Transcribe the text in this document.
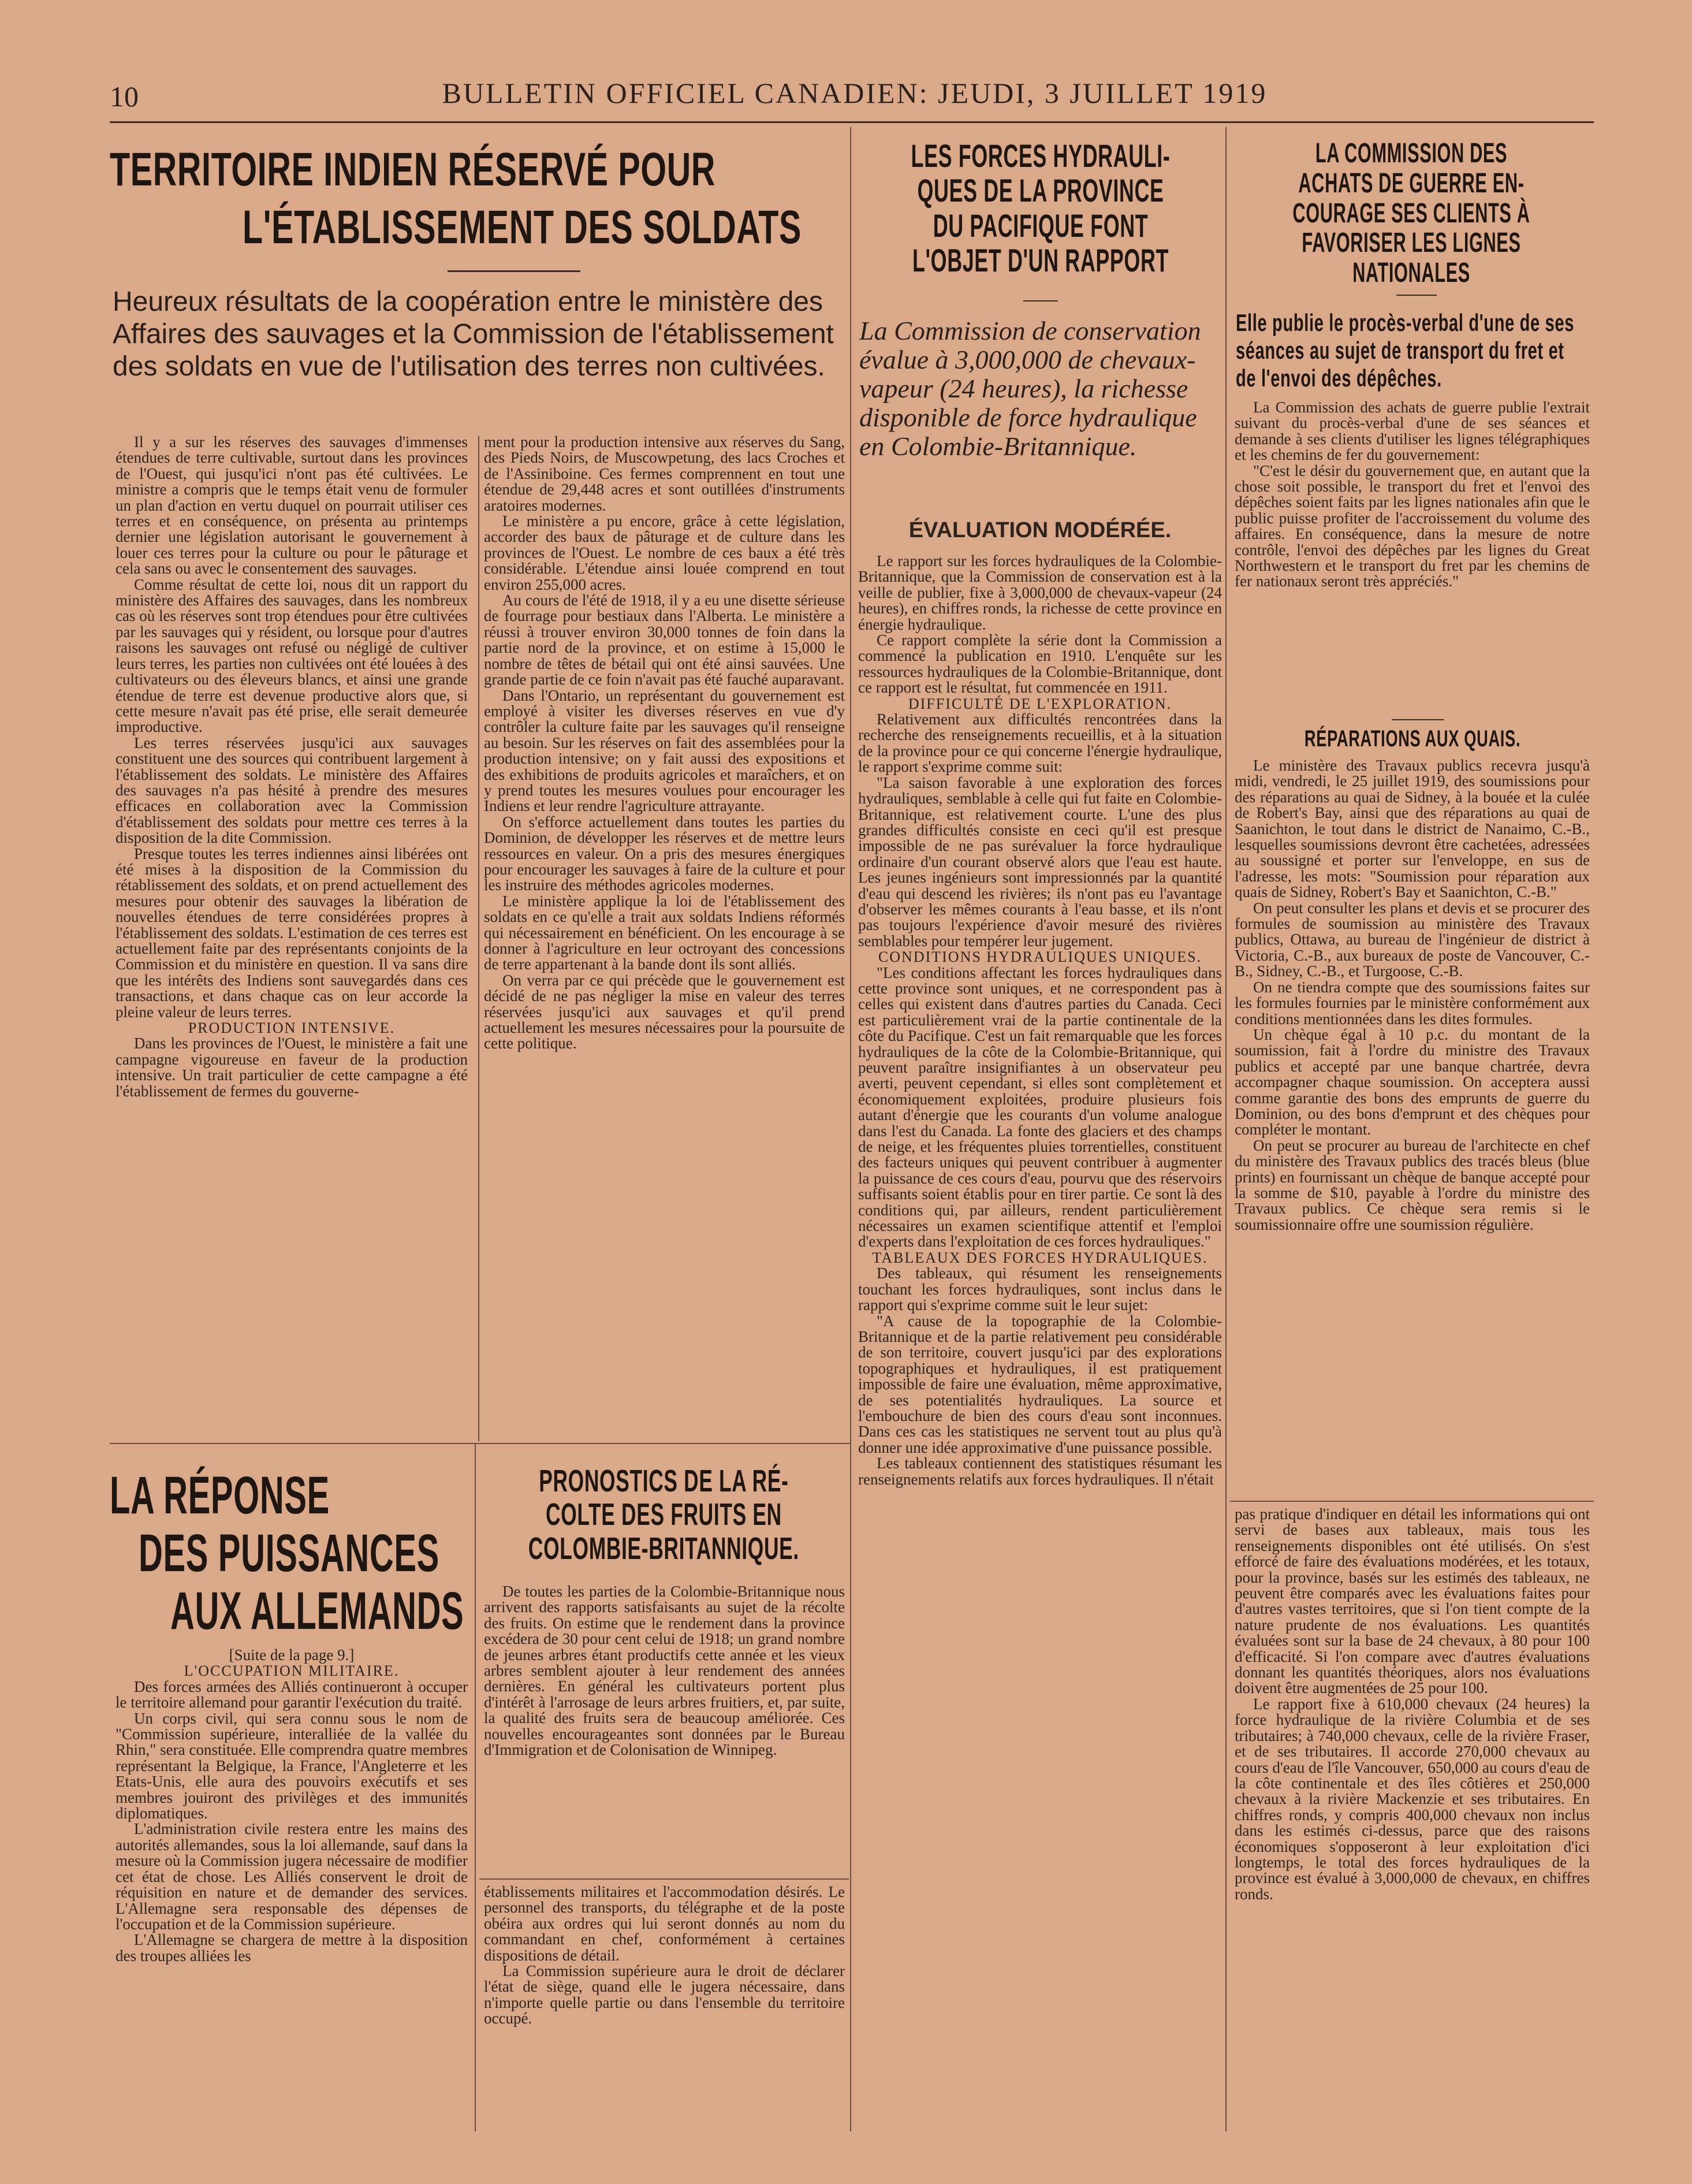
10	BULLETIN OFFICIEL CANADIEN: JEUDI, 3 JUILLET 1919
TERRITOIRE INDIEN RÉSERVÉ POUR
L'ÉTABLISSEMENT DES SOLDATS
Heureux résultats de la coopération entre le ministère des Affaires des sauvages et la Commission de l'établissement des soldats en vue de l'utilisation des terres non cultivées.

Il y a sur les réserves des sauvages d'immenses étendues de terre cultivable, surtout dans les provinces de l'Ouest, qui jusqu'ici n'ont pas été cultivées. Le ministre a compris que le temps était venu de formuler un plan d'action en vertu duquel on pourrait utiliser ces terres et en conséquence, on présenta au printemps dernier une législation autorisant le gouvernement à louer ces terres pour la culture ou pour le pâturage et cela sans ou avec le consentement des sauvages.

Comme résultat de cette loi, nous dit un rapport du ministère des Affaires des sauvages, dans les nombreux cas où les réserves sont trop étendues pour être cultivées par les sauvages qui y résident, ou lorsque pour d'autres raisons les sauvages ont refusé ou négligé de cultiver leurs terres, les parties non cultivées ont été louées à des cultivateurs ou des éleveurs blancs, et ainsi une grande étendue de terre est devenue productive alors que, si cette mesure n'avait pas été prise, elle serait demeurée improductive.

Les terres réservées jusqu'ici aux sauvages constituent une des sources qui contribuent largement à l'établissement des soldats. Le ministère des Affaires des sauvages n'a pas hésité à prendre des mesures efficaces en collaboration avec la Commission d'établissement des soldats pour mettre ces terres à la disposition de la dite Commission.

Presque toutes les terres indiennes ainsi libérées ont été mises à la disposition de la Commission du rétablissement des soldats, et on prend actuellement des mesures pour obtenir des sauvages la libération de nouvelles étendues de terre considérées propres à l'établissement des soldats. L'estimation de ces terres est actuellement faite par des représentants conjoints de la Commission et du ministère en question. Il va sans dire que les intérêts des Indiens sont sauvegardés dans ces transactions, et dans chaque cas on leur accorde la pleine valeur de leurs terres.

PRODUCTION INTENSIVE.

Dans les provinces de l'Ouest, le ministère a fait une campagne vigoureuse en faveur de la production intensive. Un trait particulier de cette campagne a été l'établissement de fermes du gouverne-

ment pour la production intensive aux réserves du Sang, des Pieds Noirs, de Muscowpetung, des lacs Croches et de l'Assiniboine. Ces fermes comprennent en tout une étendue de 29,448 acres et sont outillées d'instruments aratoires modernes.

Le ministère a pu encore, grâce à cette législation, accorder des baux de pâturage et de culture dans les provinces de l'Ouest. Le nombre de ces baux a été très considérable. L'étendue ainsi louée comprend en tout environ 255,000 acres.

Au cours de l'été de 1918, il y a eu une disette sérieuse de fourrage pour bestiaux dans l'Alberta. Le ministère a réussi à trouver environ 30,000 tonnes de foin dans la partie nord de la province, et on estime à 15,000 le nombre de têtes de bétail qui ont été ainsi sauvées. Une grande partie de ce foin n'avait pas été fauché auparavant.

Dans l'Ontario, un représentant du gouvernement est employé à visiter les diverses réserves en vue d'y contrôler la culture faite par les sauvages qu'il renseigne au besoin. Sur les réserves on fait des assemblées pour la production intensive; on y fait aussi des expositions et des exhibitions de produits agricoles et maraîchers, et on y prend toutes les mesures voulues pour encourager les Indiens et leur rendre l'agriculture attrayante.

On s'efforce actuellement dans toutes les parties du Dominion, de développer les réserves et de mettre leurs ressources en valeur. On a pris des mesures énergiques pour encourager les sauvages à faire de la culture et pour les instruire des méthodes agricoles modernes.

Le ministère applique la loi de l'établissement des soldats en ce qu'elle a trait aux soldats Indiens réformés qui nécessairement en bénéficient. On les encourage à se donner à l'agriculture en leur octroyant des concessions de terre appartenant à la bande dont ils sont alliés.

On verra par ce qui précède que le gouvernement est décidé de ne pas négliger la mise en valeur des terres réservées jusqu'ici aux sauvages et qu'il prend actuellement les mesures nécessaires pour la poursuite de cette politique.

LES FORCES HYDRAULI-
QUES DE LA PROVINCE
DU PACIFIQUE FONT
L'OBJET D'UN RAPPORT
La Commission de conservation évalue à 3,000,000 de chevaux-vapeur (24 heures), la richesse disponible de force hydraulique en Colombie-Britannique.

ÉVALUATION MODÉRÉE.

Le rapport sur les forces hydrauliques de la Colombie-Britannique, que la Commission de conservation est à la veille de publier, fixe à 3,000,000 de chevaux-vapeur (24 heures), en chiffres ronds, la richesse de cette province en énergie hydraulique.

Ce rapport complète la série dont la Commission a commencé la publication en 1910. L'enquête sur les ressources hydrauliques de la Colombie-Britannique, dont ce rapport est le résultat, fut commencée en 1911.

DIFFICULTÉ DE L'EXPLORATION.

Relativement aux difficultés rencontrées dans la recherche des renseignements recueillis, et à la situation de la province pour ce qui concerne l'énergie hydraulique, le rapport s'exprime comme suit:

"La saison favorable à une exploration des forces hydrauliques, semblable à celle qui fut faite en Colombie-Britannique, est relativement courte. L'une des plus grandes difficultés consiste en ceci qu'il est presque impossible de ne pas surévaluer la force hydraulique ordinaire d'un courant observé alors que l'eau est haute. Les jeunes ingénieurs sont impressionnés par la quantité d'eau qui descend les rivières; ils n'ont pas eu l'avantage d'observer les mêmes courants à l'eau basse, et ils n'ont pas toujours l'expérience d'avoir mesuré des rivières semblables pour tempérer leur jugement.

CONDITIONS HYDRAULIQUES UNIQUES.

"Les conditions affectant les forces hydrauliques dans cette province sont uniques, et ne correspondent pas à celles qui existent dans d'autres parties du Canada. Ceci est particulièrement vrai de la partie continentale de la côte du Pacifique. C'est un fait remarquable que les forces hydrauliques de la côte de la Colombie-Britannique, qui peuvent paraître insignifiantes à un observateur peu averti, peuvent cependant, si elles sont complètement et économiquement exploitées, produire plusieurs fois autant d'énergie que les courants d'un volume analogue dans l'est du Canada. La fonte des glaciers et des champs de neige, et les fréquentes pluies torrentielles, constituent des facteurs uniques qui peuvent contribuer à augmenter la puissance de ces cours d'eau, pourvu que des réservoirs suffisants soient établis pour en tirer partie. Ce sont là des conditions qui, par ailleurs, rendent particulièrement nécessaires un examen scientifique attentif et l'emploi d'experts dans l'exploitation de ces forces hydrauliques."

TABLEAUX DES FORCES HYDRAULIQUES.

Des tableaux, qui résument les renseignements touchant les forces hydrauliques, sont inclus dans le rapport qui s'exprime comme suit le leur sujet:

"A cause de la topographie de la Colombie-Britannique et de la partie relativement peu considérable de son territoire, couvert jusqu'ici par des explorations topographiques et hydrauliques, il est pratiquement impossible de faire une évaluation, même approximative, de ses potentialités hydrauliques. La source et l'embouchure de bien des cours d'eau sont inconnues. Dans ces cas les statistiques ne servent tout au plus qu'à donner une idée approximative d'une puissance possible.

Les tableaux contiennent des statistiques résumant les renseignements relatifs aux forces hydrauliques. Il n'était

pas pratique d'indiquer en détail les informations qui ont servi de bases aux tableaux, mais tous les renseignements disponibles ont été utilisés. On s'est efforcé de faire des évaluations modérées, et les totaux, pour la province, basés sur les estimés des tableaux, ne peuvent être comparés avec les évaluations faites pour d'autres vastes territoires, que si l'on tient compte de la nature prudente de nos évaluations. Les quantités évaluées sont sur la base de 24 chevaux, à 80 pour 100 d'efficacité. Si l'on compare avec d'autres évaluations donnant les quantités théoriques, alors nos évaluations doivent être augmentées de 25 pour 100.

Le rapport fixe à 610,000 chevaux (24 heures) la force hydraulique de la rivière Columbia et de ses tributaires; à 740,000 chevaux, celle de la rivière Fraser, et de ses tributaires. Il accorde 270,000 chevaux au cours d'eau de l'île Vancouver, 650,000 au cours d'eau de la côte continentale et des îles côtières et 250,000 chevaux à la rivière Mackenzie et ses tributaires. En chiffres ronds, y compris 400,000 chevaux non inclus dans les estimés ci-dessus, parce que des raisons économiques s'opposeront à leur exploitation d'ici longtemps, le total des forces hydrauliques de la province est évalué à 3,000,000 de chevaux, en chiffres ronds.

LA COMMISSION DES
ACHATS DE GUERRE EN-
COURAGE SES CLIENTS À
FAVORISER LES LIGNES
NATIONALES
Elle publie le procès-verbal d'une de ses séances au sujet de transport du fret et de l'envoi des dépêches.

La Commission des achats de guerre publie l'extrait suivant du procès-verbal d'une de ses séances et demande à ses clients d'utiliser les lignes télégraphiques et les chemins de fer du gouvernement:

"C'est le désir du gouvernement que, en autant que la chose soit possible, le transport du fret et l'envoi des dépêches soient faits par les lignes nationales afin que le public puisse profiter de l'accroissement du volume des affaires. En conséquence, dans la mesure de notre contrôle, l'envoi des dépêches par les lignes du Great Northwestern et le transport du fret par les chemins de fer nationaux seront très appréciés."

RÉPARATIONS AUX QUAIS.

Le ministère des Travaux publics recevra jusqu'à midi, vendredi, le 25 juillet 1919, des soumissions pour des réparations au quai de Sidney, à la bouée et la culée de Robert's Bay, ainsi que des réparations au quai de Saanichton, le tout dans le district de Nanaimo, C.-B., lesquelles soumissions devront être cachetées, adressées au soussigné et porter sur l'enveloppe, en sus de l'adresse, les mots: "Soumission pour réparation aux quais de Sidney, Robert's Bay et Saanichton, C.-B."

On peut consulter les plans et devis et se procurer des formules de soumission au ministère des Travaux publics, Ottawa, au bureau de l'ingénieur de district à Victoria, C.-B., aux bureaux de poste de Vancouver, C.-B., Sidney, C.-B., et Turgoose, C.-B.

On ne tiendra compte que des soumissions faites sur les formules fournies par le ministère conformément aux conditions mentionnées dans les dites formules.

Un chèque égal à 10 p.c. du montant de la soumission, fait à l'ordre du ministre des Travaux publics et accepté par une banque chartrée, devra accompagner chaque soumission. On acceptera aussi comme garantie des bons des emprunts de guerre du Dominion, ou des bons d'emprunt et des chèques pour compléter le montant.

On peut se procurer au bureau de l'architecte en chef du ministère des Travaux publics des tracés bleus (blue prints) en fournissant un chèque de banque accepté pour la somme de $10, payable à l'ordre du ministre des Travaux publics. Ce chèque sera remis si le soumissionnaire offre une soumission régulière.

LA RÉPONSE
DES PUISSANCES
AUX ALLEMANDS

[Suite de la page 9.]

L'OCCUPATION MILITAIRE.

Des forces armées des Alliés continueront à occuper le territoire allemand pour garantir l'exécution du traité.

Un corps civil, qui sera connu sous le nom de "Commission supérieure, interalliée de la vallée du Rhin," sera constituée. Elle comprendra quatre membres représentant la Belgique, la France, l'Angleterre et les Etats-Unis, elle aura des pouvoirs exécutifs et ses membres jouiront des privilèges et des immunités diplomatiques.

L'administration civile restera entre les mains des autorités allemandes, sous la loi allemande, sauf dans la mesure où la Commission jugera nécessaire de modifier cet état de chose. Les Alliés conservent le droit de réquisition en nature et de demander des services. L'Allemagne sera responsable des dépenses de l'occupation et de la Commission supérieure.

L'Allemagne se chargera de mettre à la disposition des troupes alliées les

établissements militaires et l'accommodation désirés. Le personnel des transports, du télégraphe et de la poste obéira aux ordres qui lui seront donnés au nom du commandant en chef, conformément à certaines dispositions de détail.

La Commission supérieure aura le droit de déclarer l'état de siège, quand elle le jugera nécessaire, dans n'importe quelle partie ou dans l'ensemble du territoire occupé.

PRONOSTICS DE LA RÉ-
COLTE DES FRUITS EN
COLOMBIE-BRITANNIQUE.

De toutes les parties de la Colombie-Britannique nous arrivent des rapports satisfaisants au sujet de la récolte des fruits. On estime que le rendement dans la province excédera de 30 pour cent celui de 1918; un grand nombre de jeunes arbres étant productifs cette année et les vieux arbres semblent ajouter à leur rendement des années dernières. En général les cultivateurs portent plus d'intérêt à l'arrosage de leurs arbres fruitiers, et, par suite, la qualité des fruits sera de beaucoup améliorée. Ces nouvelles encourageantes sont données par le Bureau d'Immigration et de Colonisation de Winnipeg.
